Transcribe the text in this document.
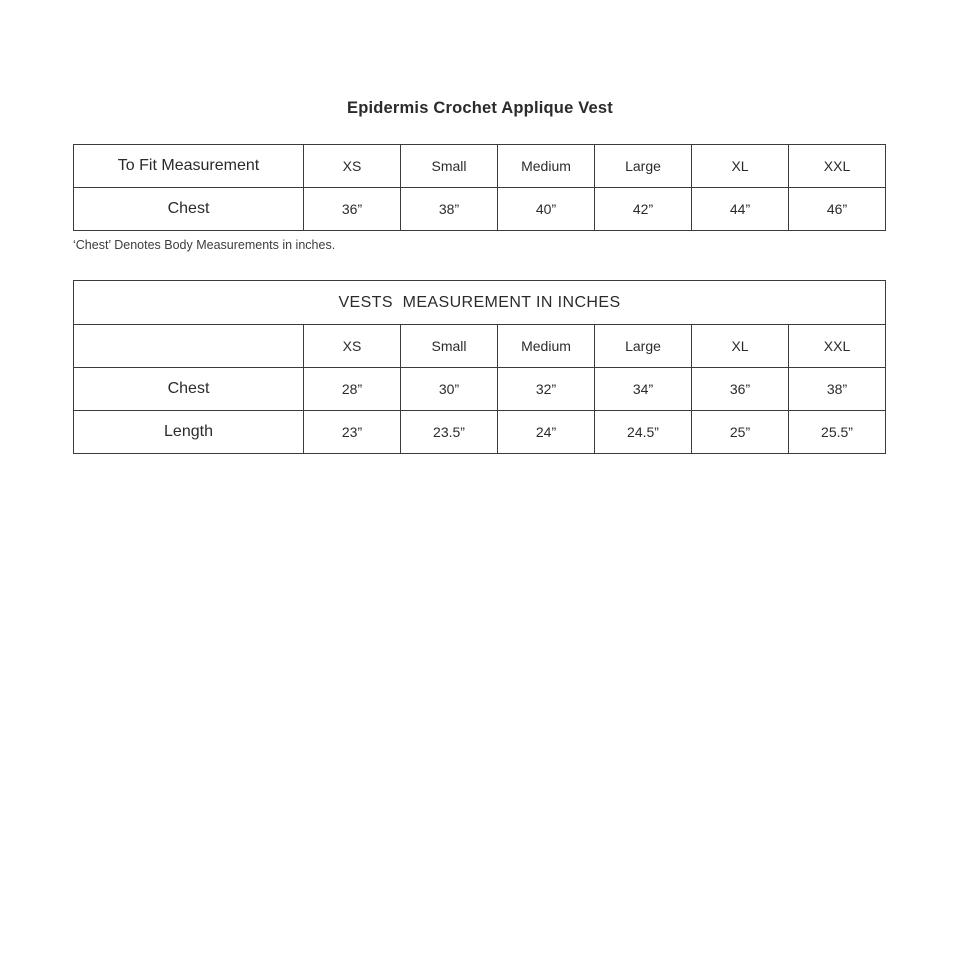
Epidermis Crochet Applique Vest
To Fit Measurement	XS	Small	Medium	Large	XL	XXL
Chest	36”	38”	40”	42”	44”	46”

‘Chest’ Denotes Body Measurements in inches.

VESTS  MEASUREMENT IN INCHES						
	XS	Small	Medium	Large	XL	XXL
Chest	28”	30”	32”	34”	36”	38”
Length	23”	23.5”	24”	24.5”	25”	25.5”
